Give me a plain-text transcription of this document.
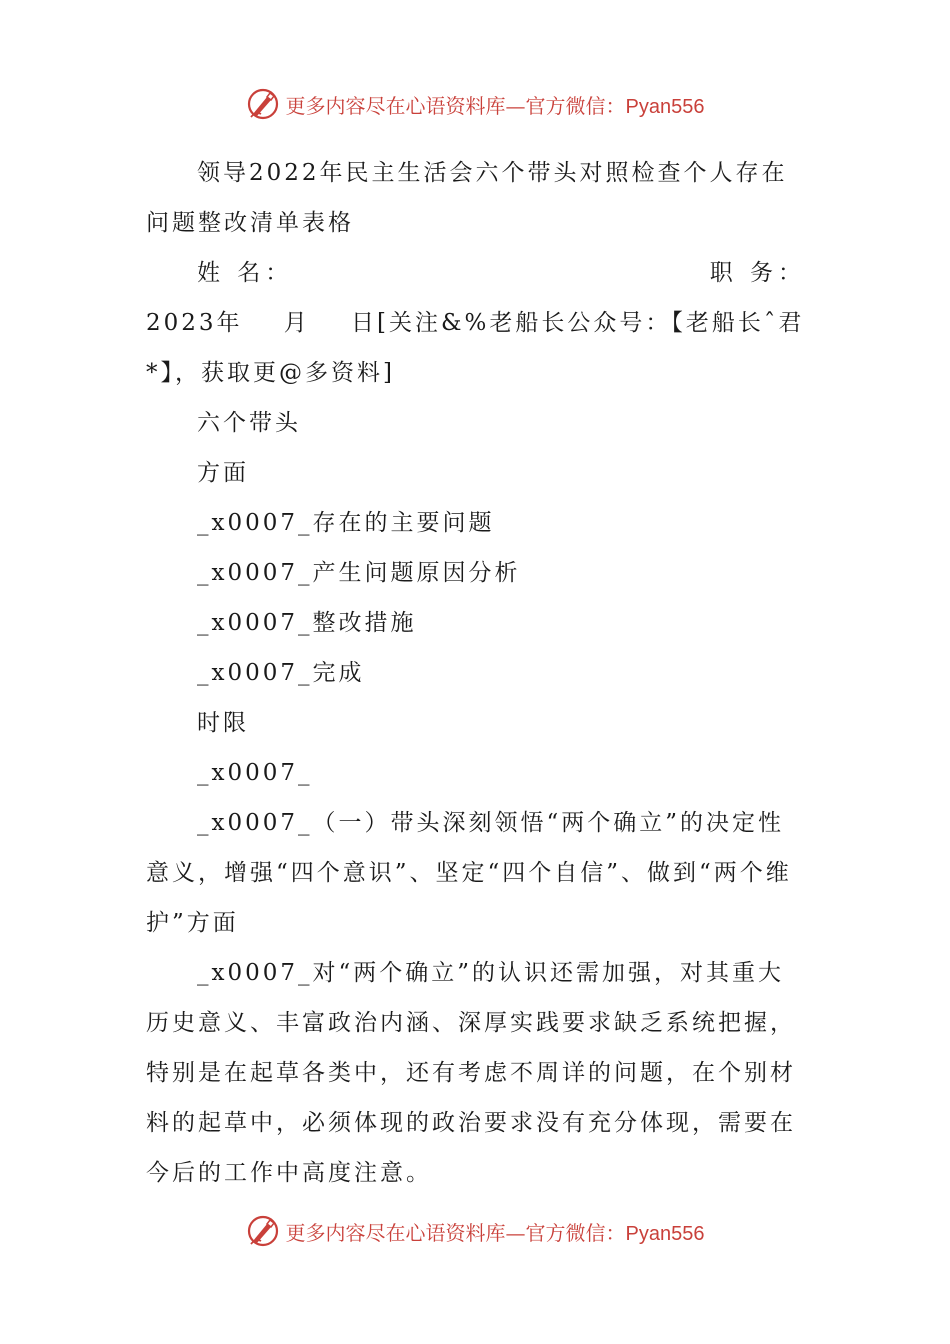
更多内容尽在心语资料库—官方微信：Pyan556

领导2022年民主生活会六个带头对照检查个人存在问题整改清单表格

姓 名：	职 务：

2023年    月    日[关注&%老船长公众号：【老船长ˆ君*】，获取更@多资料]

六个带头

方面

_x0007_存在的主要问题

_x0007_产生问题原因分析

_x0007_整改措施

_x0007_完成

时限

_x0007_

_x0007_（一）带头深刻领悟“两个确立”的决定性意义，增强“四个意识”、坚定“四个自信”、做到“两个维护”方面

_x0007_对“两个确立”的认识还需加强，对其重大历史意义、丰富政治内涵、深厚实践要求缺乏系统把握，特别是在起草各类中，还有考虑不周详的问题，在个别材料的起草中，必须体现的政治要求没有充分体现，需要在今后的工作中高度注意。

更多内容尽在心语资料库—官方微信：Pyan556
